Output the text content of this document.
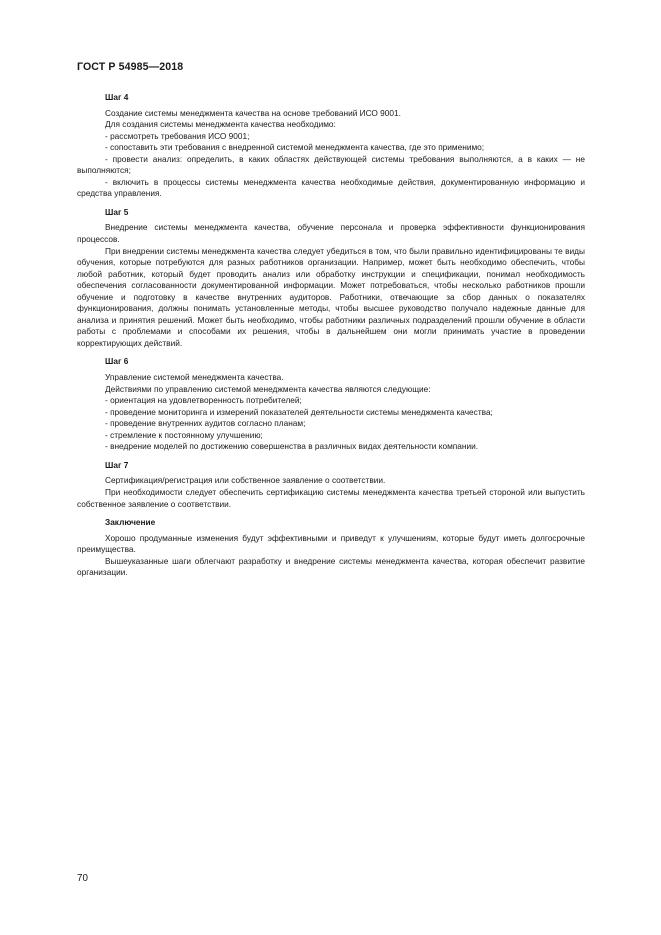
ГОСТ Р 54985—2018
Шаг 4

Создание системы менеджмента качества на основе требований ИСО 9001.

Для создания системы менеджмента качества необходимо:

- рассмотреть требования ИСО 9001;

- сопоставить эти требования с внедренной системой менеджмента качества, где это применимо;

- провести анализ: определить, в каких областях действующей системы требования выполняются, а в каких — не выполняются;

- включить в процессы системы менеджмента качества необходимые действия, документированную информацию и средства управления.

Шаг 5

Внедрение системы менеджмента качества, обучение персонала и проверка эффективности функционирования процессов.

При внедрении системы менеджмента качества следует убедиться в том, что были правильно идентифицированы те виды обучения, которые потребуются для разных работников организации. Например, может быть необходимо обеспечить, чтобы любой работник, который будет проводить анализ или обработку инструкции и спецификации, понимал необходимость обеспечения согласованности документированной информации. Может потребоваться, чтобы несколько работников прошли обучение и подготовку в качестве внутренних аудиторов. Работники, отвечающие за сбор данных о показателях функционирования, должны понимать установленные методы, чтобы высшее руководство получало надежные данные для анализа и принятия решений. Может быть необходимо, чтобы работники различных подразделений прошли обучение в области работы с проблемами и способами их решения, чтобы в дальнейшем они могли принимать участие в проведении корректирующих действий.

Шаг 6

Управление системой менеджмента качества.

Действиями по управлению системой менеджмента качества являются следующие:

- ориентация на удовлетворенность потребителей;

- проведение мониторинга и измерений показателей деятельности системы менеджмента качества;

- проведение внутренних аудитов согласно планам;

- стремление к постоянному улучшению;

- внедрение моделей по достижению совершенства в различных видах деятельности компании.

Шаг 7

Сертификация/регистрация или собственное заявление о соответствии.

При необходимости следует обеспечить сертификацию системы менеджмента качества третьей стороной или выпустить собственное заявление о соответствии.

Заключение

Хорошо продуманные изменения будут эффективными и приведут к улучшениям, которые будут иметь долгосрочные преимущества.

Вышеуказанные шаги облегчают разработку и внедрение системы менеджмента качества, которая обеспечит развитие организации.

70
